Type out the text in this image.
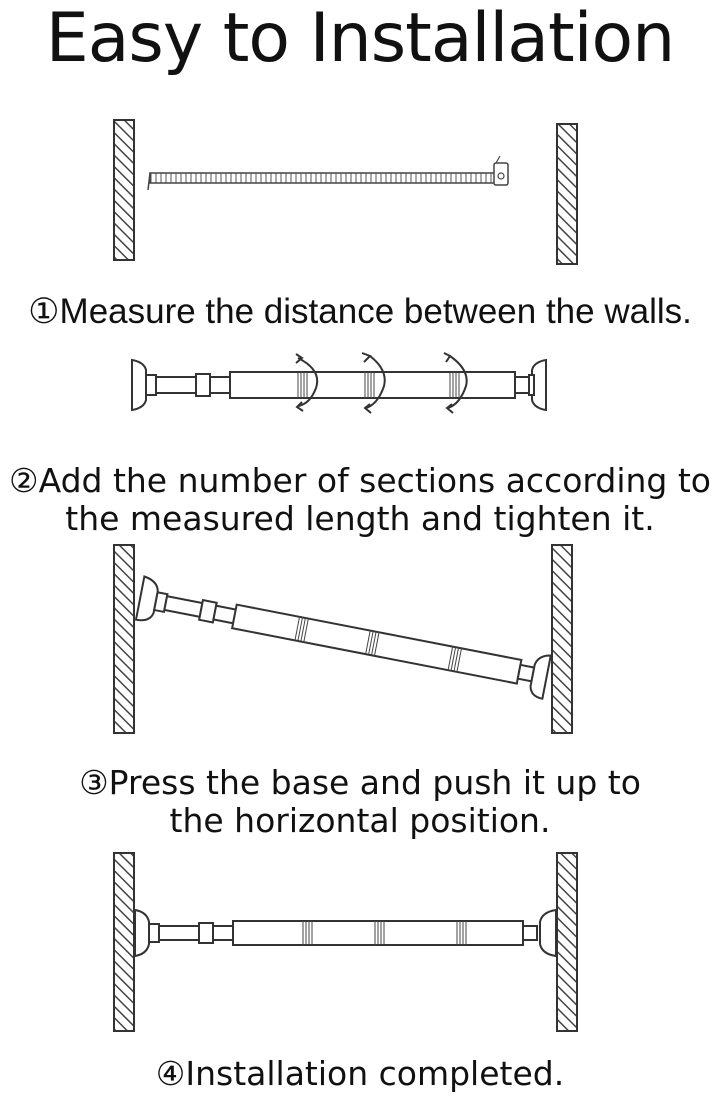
Easy to Installation
①Measure the distance between the walls.
②Add the number of sections according to
the measured length and tighten it.
③Press the base and push it up to
the horizontal position.
④Installation completed.
